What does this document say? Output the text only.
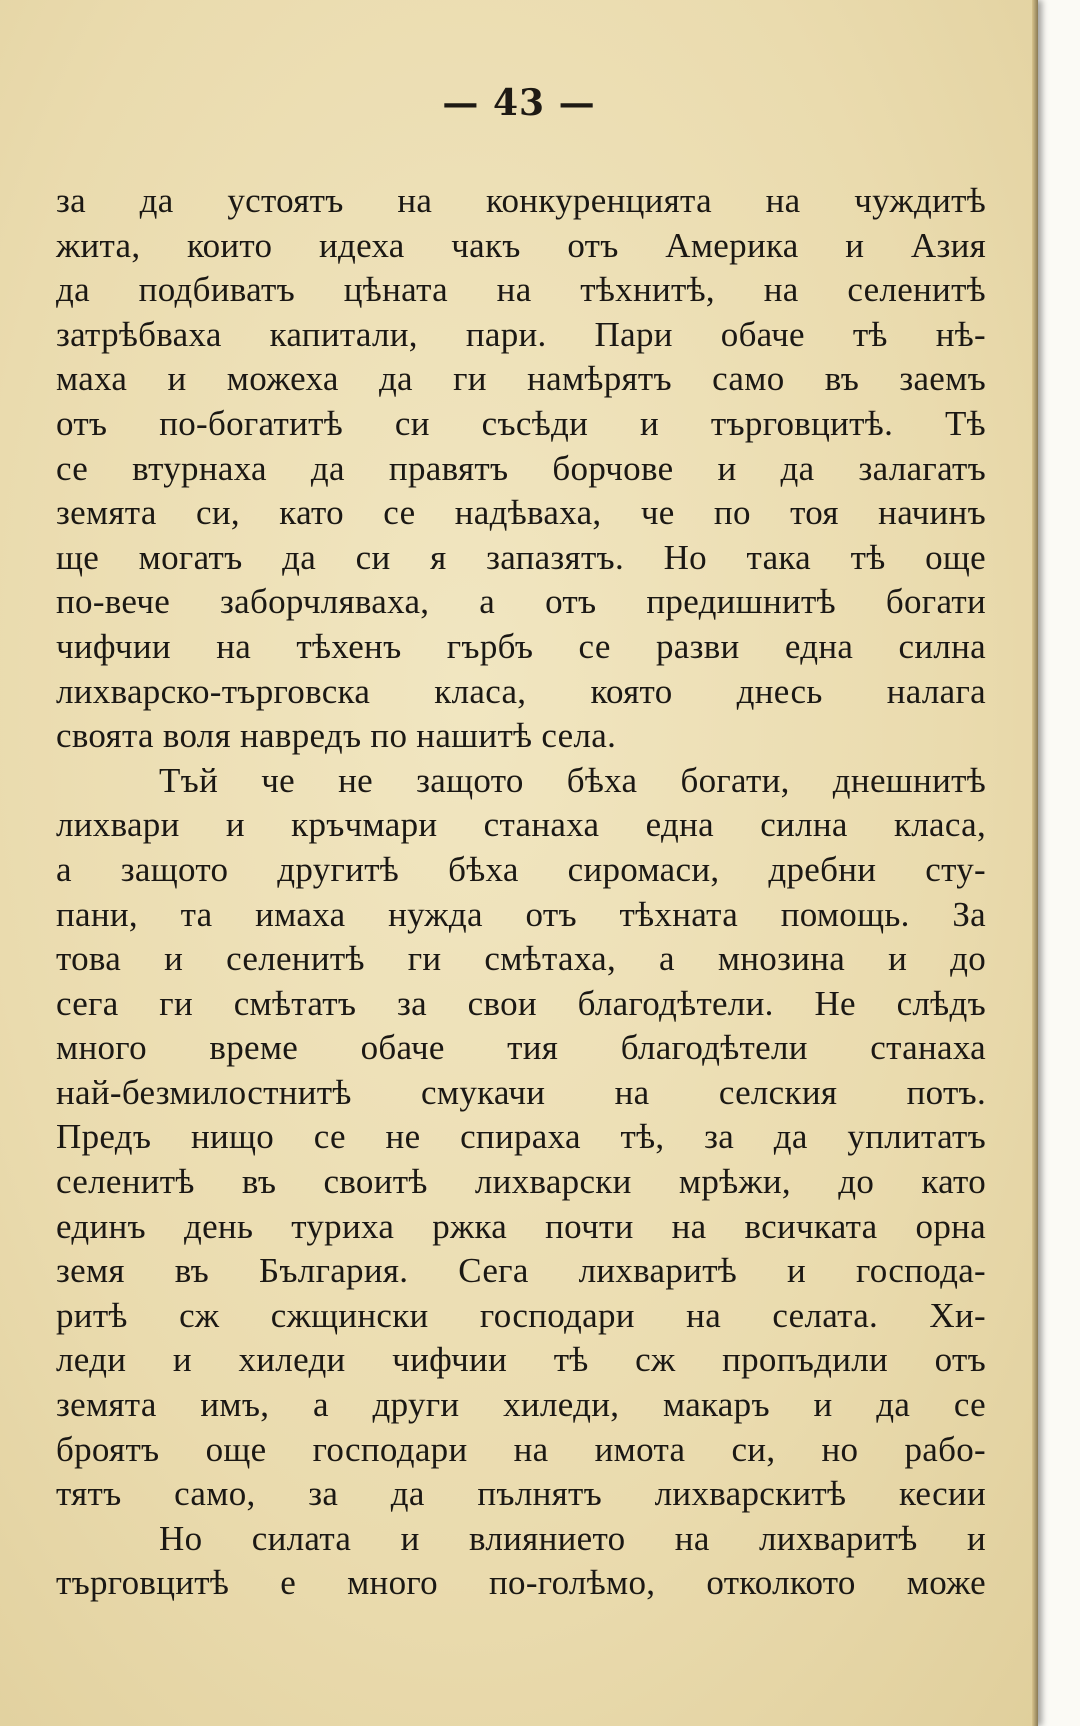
— 43 —
за да устоятъ на конкуренцията на чуждитѣ
жита, които идеха чакъ отъ Америка и Азия
да подбиватъ цѣната на тѣхнитѣ, на селенитѣ
затрѣбваха капитали, пари. Пари обаче тѣ нѣ-
маха и можеха да ги намѣрятъ само въ заемъ
отъ по-богатитѣ си съсѣди и търговцитѣ. Тѣ
се втурнаха да правятъ борчове и да залагатъ
земята си, като се надѣваха, че по тоя начинъ
ще могатъ да си я запазятъ. Но така тѣ още
по-вече заборчляваха, а отъ предишнитѣ богати
чифчии на тѣхенъ гърбъ се разви една силна
лихварско-търговска класа, която днесь налага
своята воля навредъ по нашитѣ села.
Тъй че не защото бѣха богати, днешнитѣ
лихвари и кръчмари станаха една силна класа,
а защото другитѣ бѣха сиромаси, дребни сту-
пани, та имаха нужда отъ тѣхната помощь. За
това и селенитѣ ги смѣтаха, а мнозина и до
сега ги смѣтатъ за свои благодѣтели. Не слѣдъ
много време обаче тия благодѣтели станаха
най-безмилостнитѣ смукачи на селския потъ.
Предъ нищо се не спираха тѣ, за да уплитатъ
селенитѣ въ своитѣ лихварски мрѣжи, до като
единъ день туриха ржка почти на всичката орна
земя въ България. Сега лихваритѣ и господа-
ритѣ сж сжщински господари на селата. Хи-
леди и хиледи чифчии тѣ сж пропъдили отъ
земята имъ, а други хиледи, макаръ и да се
броятъ още господари на имота си, но рабо-
тятъ само, за да пълнятъ лихварскитѣ кесии
Но силата и влиянието на лихваритѣ и
търговцитѣ е много по-голѣмо, отколкото може
